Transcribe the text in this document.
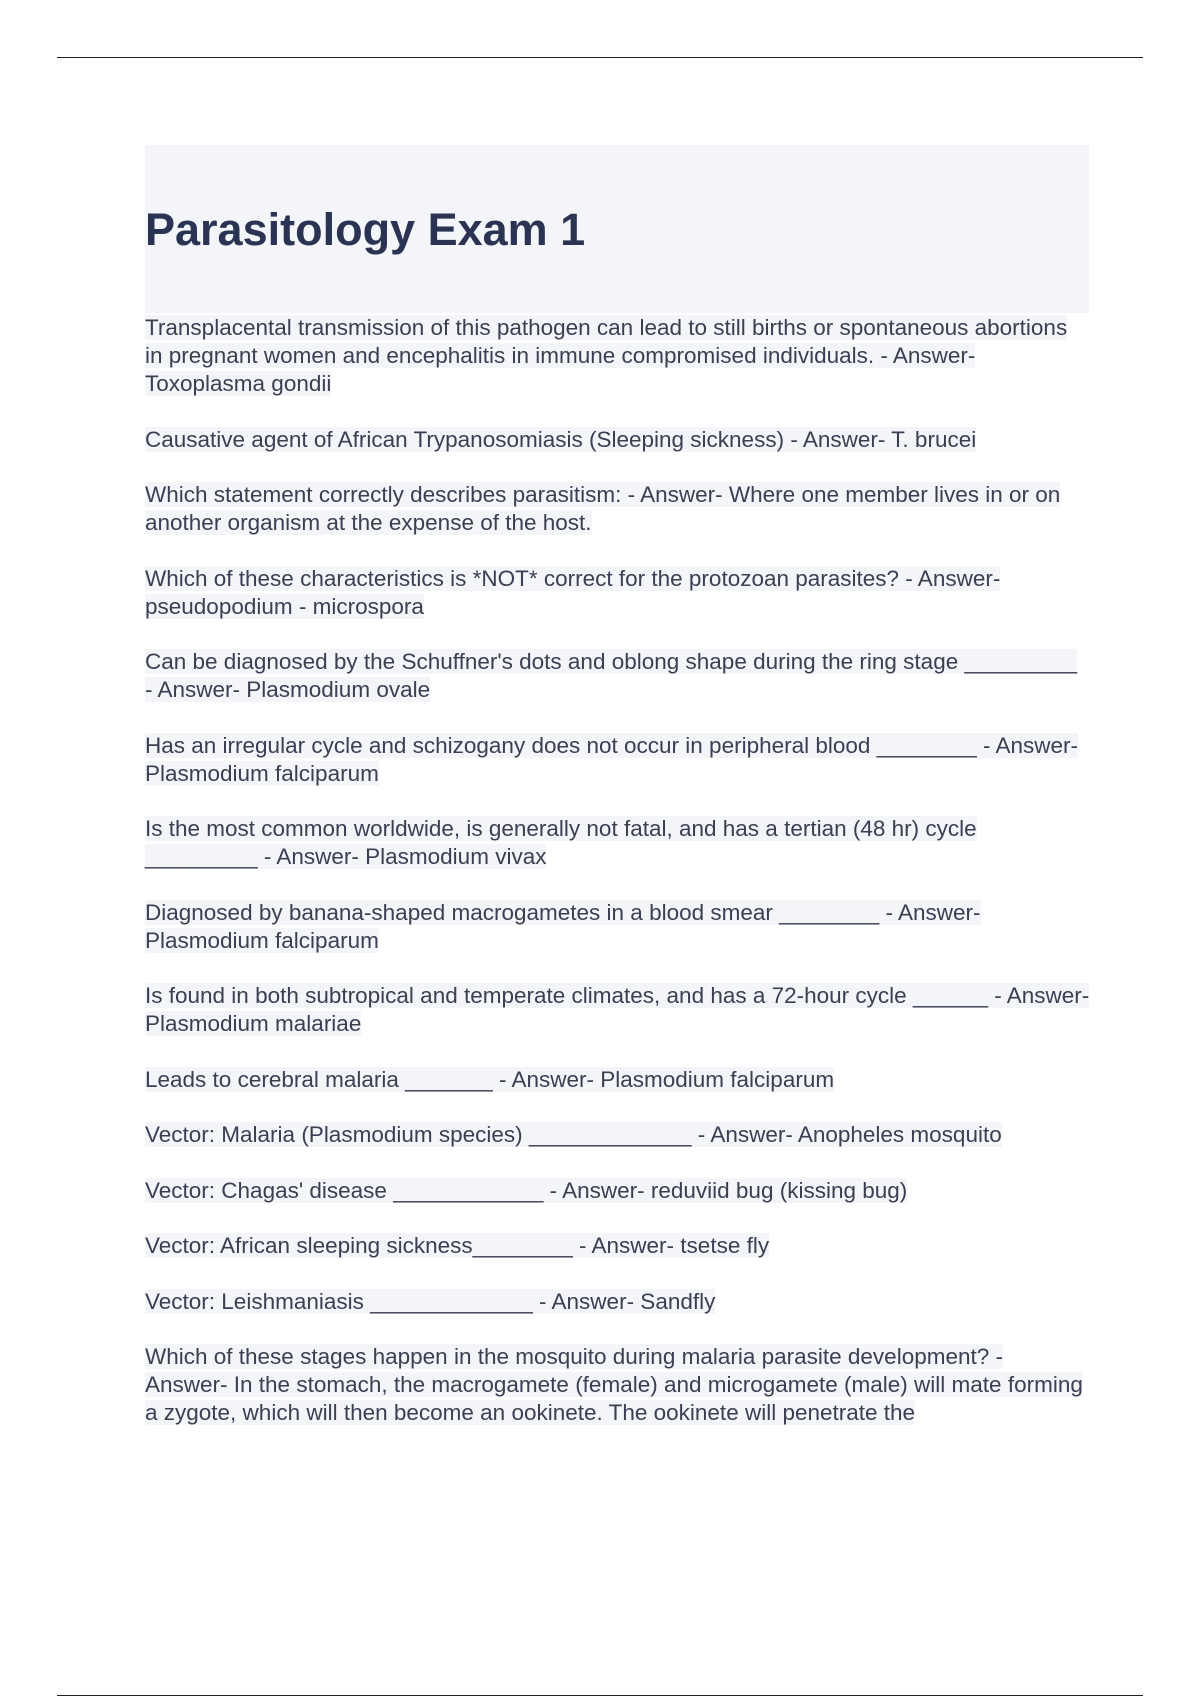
Parasitology Exam 1

Transplacental transmission of this pathogen can lead to still births or spontaneous abortions in pregnant women and encephalitis in immune compromised individuals. - Answer- Toxoplasma gondii

Causative agent of African Trypanosomiasis (Sleeping sickness) - Answer- T. brucei

Which statement correctly describes parasitism: - Answer- Where one member lives in or on another organism at the expense of the host.

Which of these characteristics is *NOT* correct for the protozoan parasites? - Answer- pseudopodium - microspora

Can be diagnosed by the Schuffner's dots and oblong shape during the ring stage _________ - Answer- Plasmodium ovale

Has an irregular cycle and schizogany does not occur in peripheral blood ________ - Answer- Plasmodium falciparum

Is the most common worldwide, is generally not fatal, and has a tertian (48 hr) cycle _________ - Answer- Plasmodium vivax

Diagnosed by banana-shaped macrogametes in a blood smear ________ - Answer- Plasmodium falciparum

Is found in both subtropical and temperate climates, and has a 72-hour cycle ______ - Answer- Plasmodium malariae

Leads to cerebral malaria _______ - Answer- Plasmodium falciparum

Vector: Malaria (Plasmodium species) _____________ - Answer- Anopheles mosquito

Vector: Chagas' disease ____________ - Answer- reduviid bug (kissing bug)

Vector: African sleeping sickness________ - Answer- tsetse fly

Vector: Leishmaniasis _____________ - Answer- Sandfly

Which of these stages happen in the mosquito during malaria parasite development? - Answer- In the stomach, the macrogamete (female) and microgamete (male) will mate forming a zygote, which will then become an ookinete. The ookinete will penetrate the
